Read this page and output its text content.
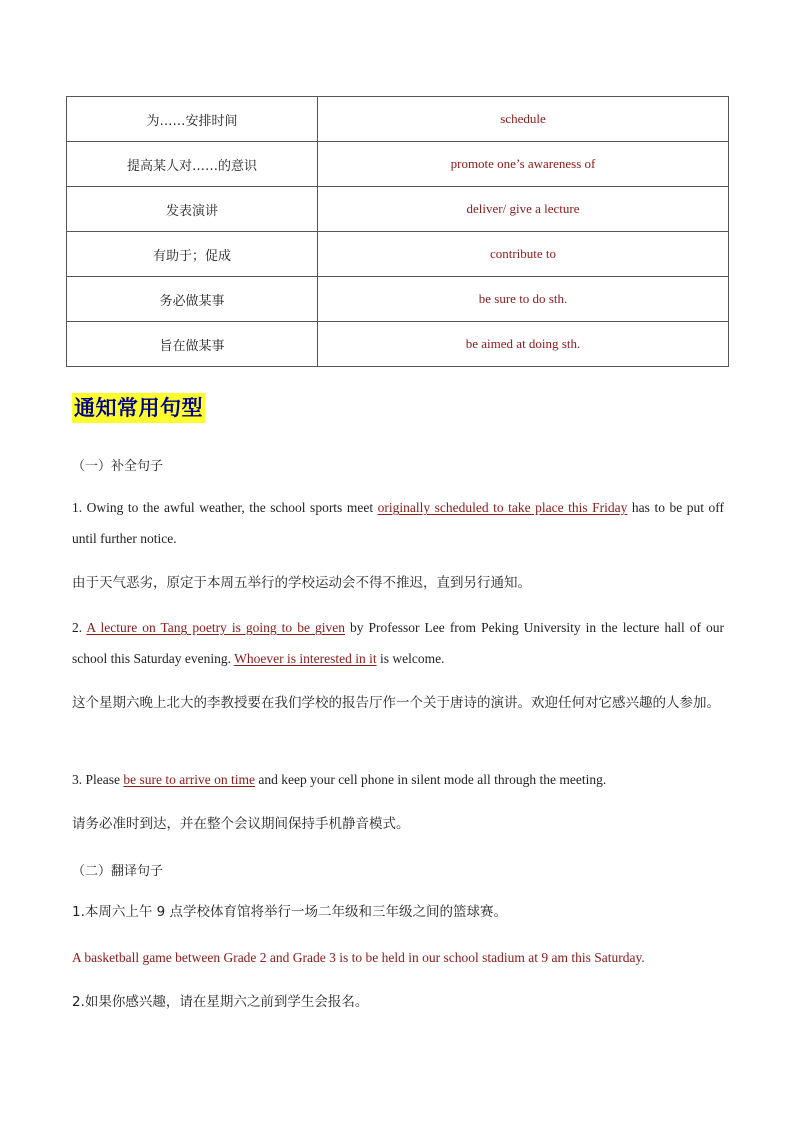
为……安排时间	schedule
提高某人对……的意识	promote one’s awareness of
发表演讲	deliver/ give a lecture
有助于；促成	contribute to
务必做某事	be sure to do sth.
旨在做某事	be aimed at doing sth.
通知常用句型
（一）补全句子
1. Owing to the awful weather, the school sports meet originally scheduled to take place this Friday has to be put off until further notice.
由于天气恶劣，原定于本周五举行的学校运动会不得不推迟，直到另行通知。
2. A lecture on Tang poetry is going to be given by Professor Lee from Peking University in the lecture hall of our school this Saturday evening. Whoever is interested in it is welcome.
这个星期六晚上北大的李教授要在我们学校的报告厅作一个关于唐诗的演讲。欢迎任何对它感兴趣的人参加。
3. Please be sure to arrive on time and keep your cell phone in silent mode all through the meeting.
请务必准时到达，并在整个会议期间保持手机静音模式。
（二）翻译句子
1.本周六上午 9 点学校体育馆将举行一场二年级和三年级之间的篮球赛。
A basketball game between Grade 2 and Grade 3 is to be held in our school stadium at 9 am this Saturday.
2.如果你感兴趣，请在星期六之前到学生会报名。
